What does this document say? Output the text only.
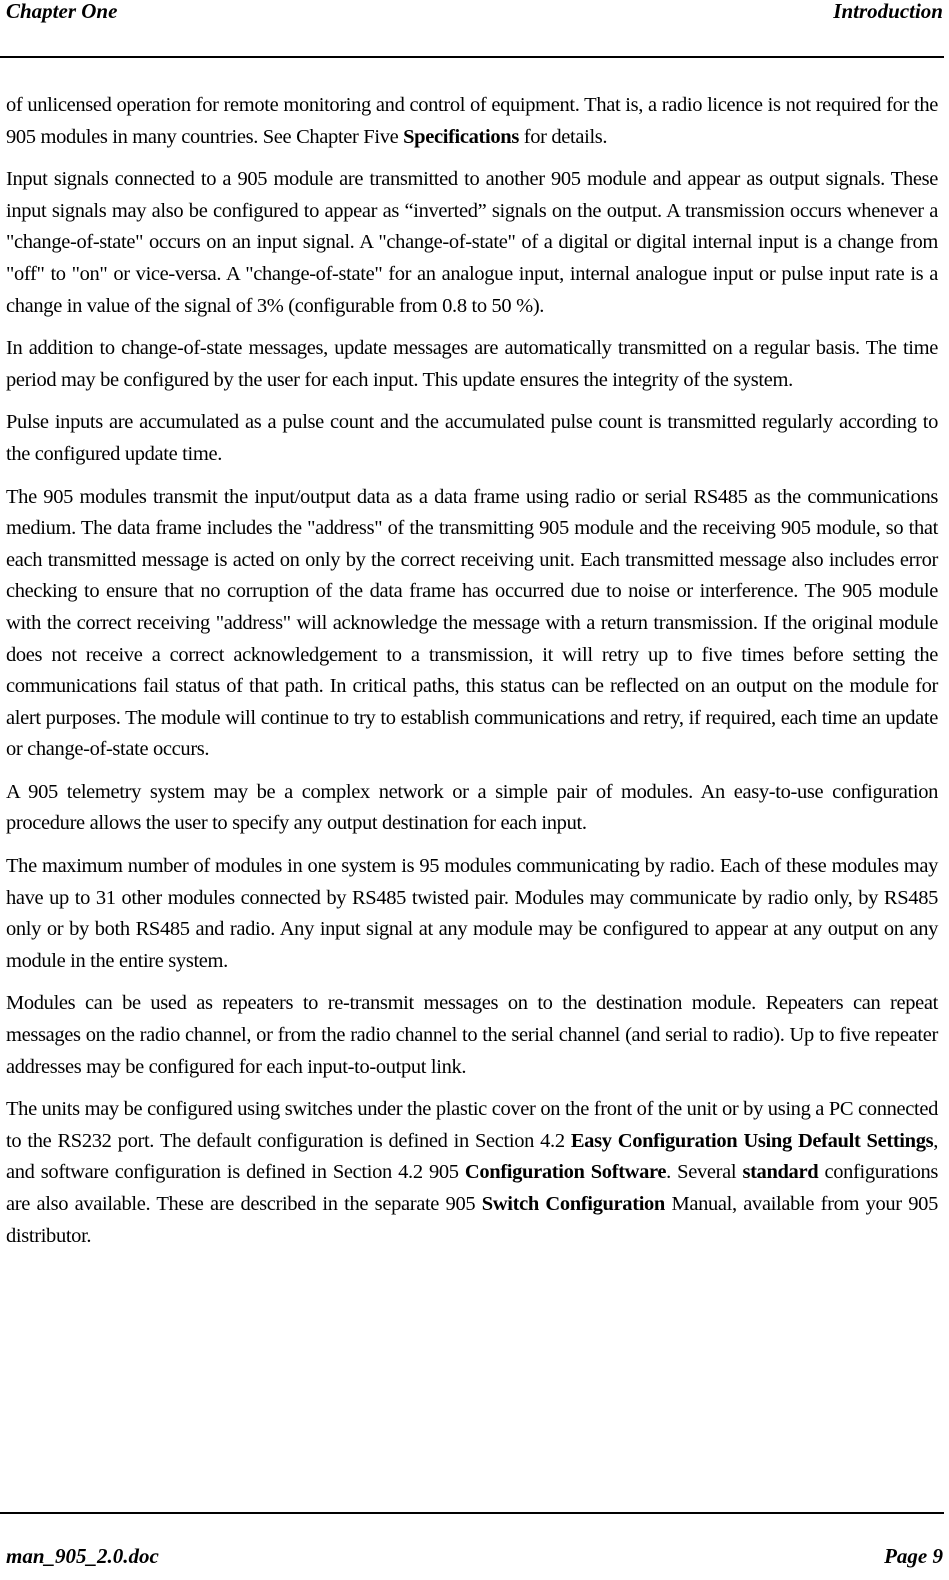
Chapter One	Introduction

of unlicensed operation for remote monitoring and control of equipment. That is, a radio licence is not required for the 905 modules in many countries. See Chapter Five Specifications for details.

Input signals connected to a 905 module are transmitted to another 905 module and appear as output signals. These input signals may also be configured to appear as “inverted” signals on the output. A transmission occurs whenever a "change-of-state" occurs on an input signal. A "change-of-state" of a digital or digital internal input is a change from "off" to "on" or vice-versa. A "change-of-state" for an analogue input, internal analogue input or pulse input rate is a change in value of the signal of 3% (configurable from 0.8 to 50 %).

In addition to change-of-state messages, update messages are automatically transmitted on a regular basis. The time period may be configured by the user for each input. This update ensures the integrity of the system.

Pulse inputs are accumulated as a pulse count and the accumulated pulse count is transmitted regularly according to the configured update time.

The 905 modules transmit the input/output data as a data frame using radio or serial RS485 as the communications medium. The data frame includes the "address" of the transmitting 905 module and the receiving 905 module, so that each transmitted message is acted on only by the correct receiving unit. Each transmitted message also includes error checking to ensure that no corruption of the data frame has occurred due to noise or interference. The 905 module with the correct receiving "address" will acknowledge the message with a return transmission. If the original module does not receive a correct acknowledgement to a transmission, it will retry up to five times before setting the communications fail status of that path. In critical paths, this status can be reflected on an output on the module for alert purposes. The module will continue to try to establish communications and retry, if required, each time an update or change-of-state occurs.

A 905 telemetry system may be a complex network or a simple pair of modules. An easy-to-use configuration procedure allows the user to specify any output destination for each input.

The maximum number of modules in one system is 95 modules communicating by radio. Each of these modules may have up to 31 other modules connected by RS485 twisted pair. Modules may communicate by radio only, by RS485 only or by both RS485 and radio. Any input signal at any module may be configured to appear at any output on any module in the entire system.

Modules can be used as repeaters to re-transmit messages on to the destination module. Repeaters can repeat messages on the radio channel, or from the radio channel to the serial channel (and serial to radio). Up to five repeater addresses may be configured for each input-to-output link.

The units may be configured using switches under the plastic cover on the front of the unit or by using a PC connected to the RS232 port. The default configuration is defined in Section 4.2 Easy Configuration Using Default Settings, and software configuration is defined in Section 4.2 905 Configuration Software. Several standard configurations are also available. These are described in the separate 905 Switch Configuration Manual, available from your 905 distributor.

man_905_2.0.doc	Page 9
